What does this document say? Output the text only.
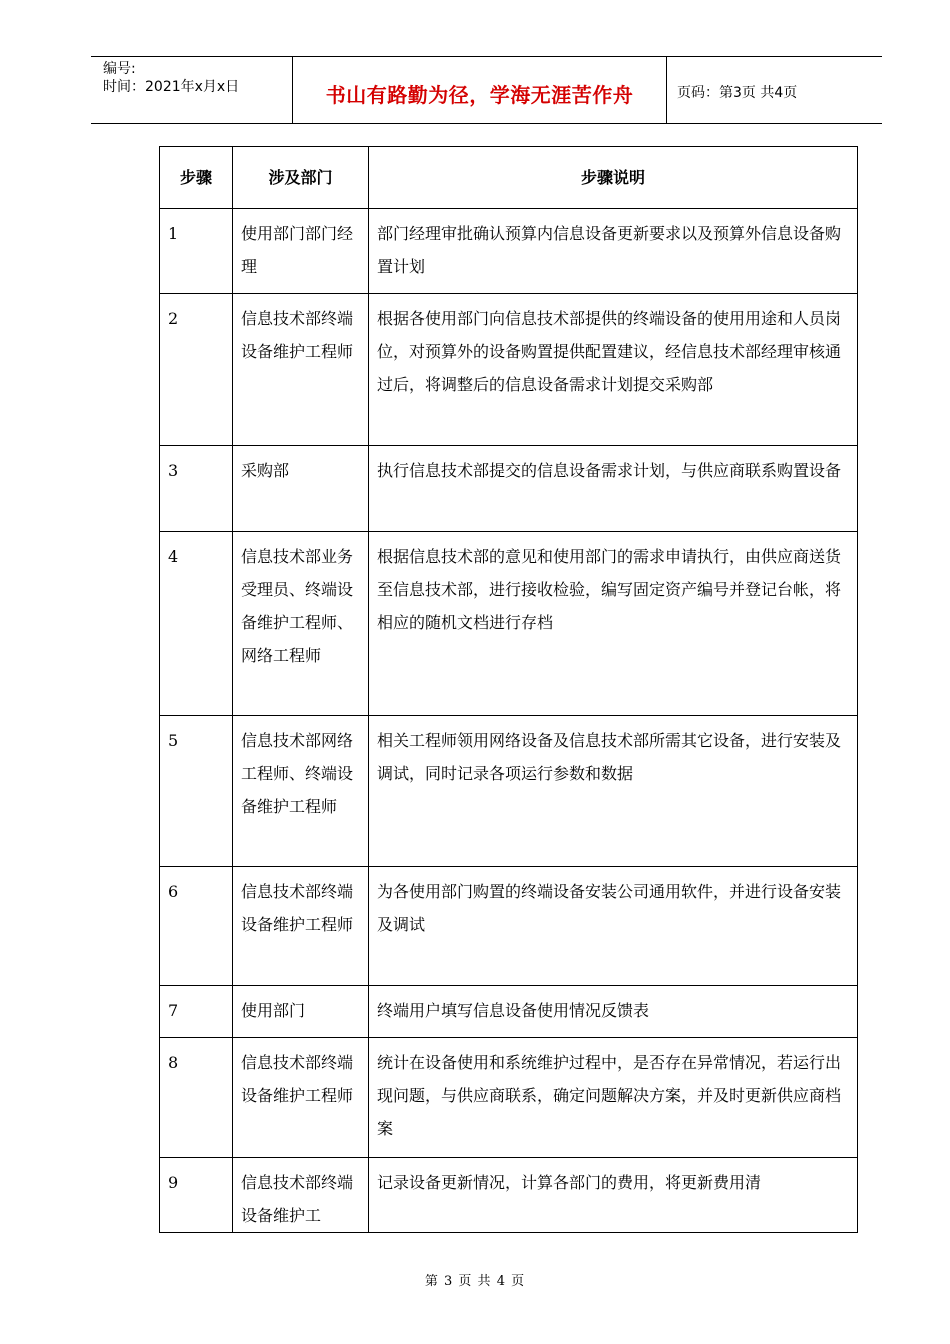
编号:
时间：2021年x月x日	书山有路勤为径，学海无涯苦作舟	页码：第3页 共4页
步骤	涉及部门	步骤说明
1	使用部门部门经理	部门经理审批确认预算内信息设备更新要求以及预算外信息设备购置计划
2	信息技术部终端设备维护工程师	根据各使用部门向信息技术部提供的终端设备的使用用途和人员岗位，对预算外的设备购置提供配置建议，经信息技术部经理审核通过后，将调整后的信息设备需求计划提交采购部
3	采购部	执行信息技术部提交的信息设备需求计划，与供应商联系购置设备
4	信息技术部业务受理员、终端设备维护工程师、网络工程师	根据信息技术部的意见和使用部门的需求申请执行，由供应商送货至信息技术部，进行接收检验，编写固定资产编号并登记台帐，将相应的随机文档进行存档
5	信息技术部网络工程师、终端设备维护工程师	相关工程师领用网络设备及信息技术部所需其它设备，进行安装及调试，同时记录各项运行参数和数据
6	信息技术部终端设备维护工程师	为各使用部门购置的终端设备安装公司通用软件，并进行设备安装及调试
7	使用部门	终端用户填写信息设备使用情况反馈表
8	信息技术部终端设备维护工程师	统计在设备使用和系统维护过程中，是否存在异常情况，若运行出现问题，与供应商联系，确定问题解决方案，并及时更新供应商档案
9	信息技术部终端设备维护工	记录设备更新情况，计算各部门的费用，将更新费用清
第 3 页 共 4 页
